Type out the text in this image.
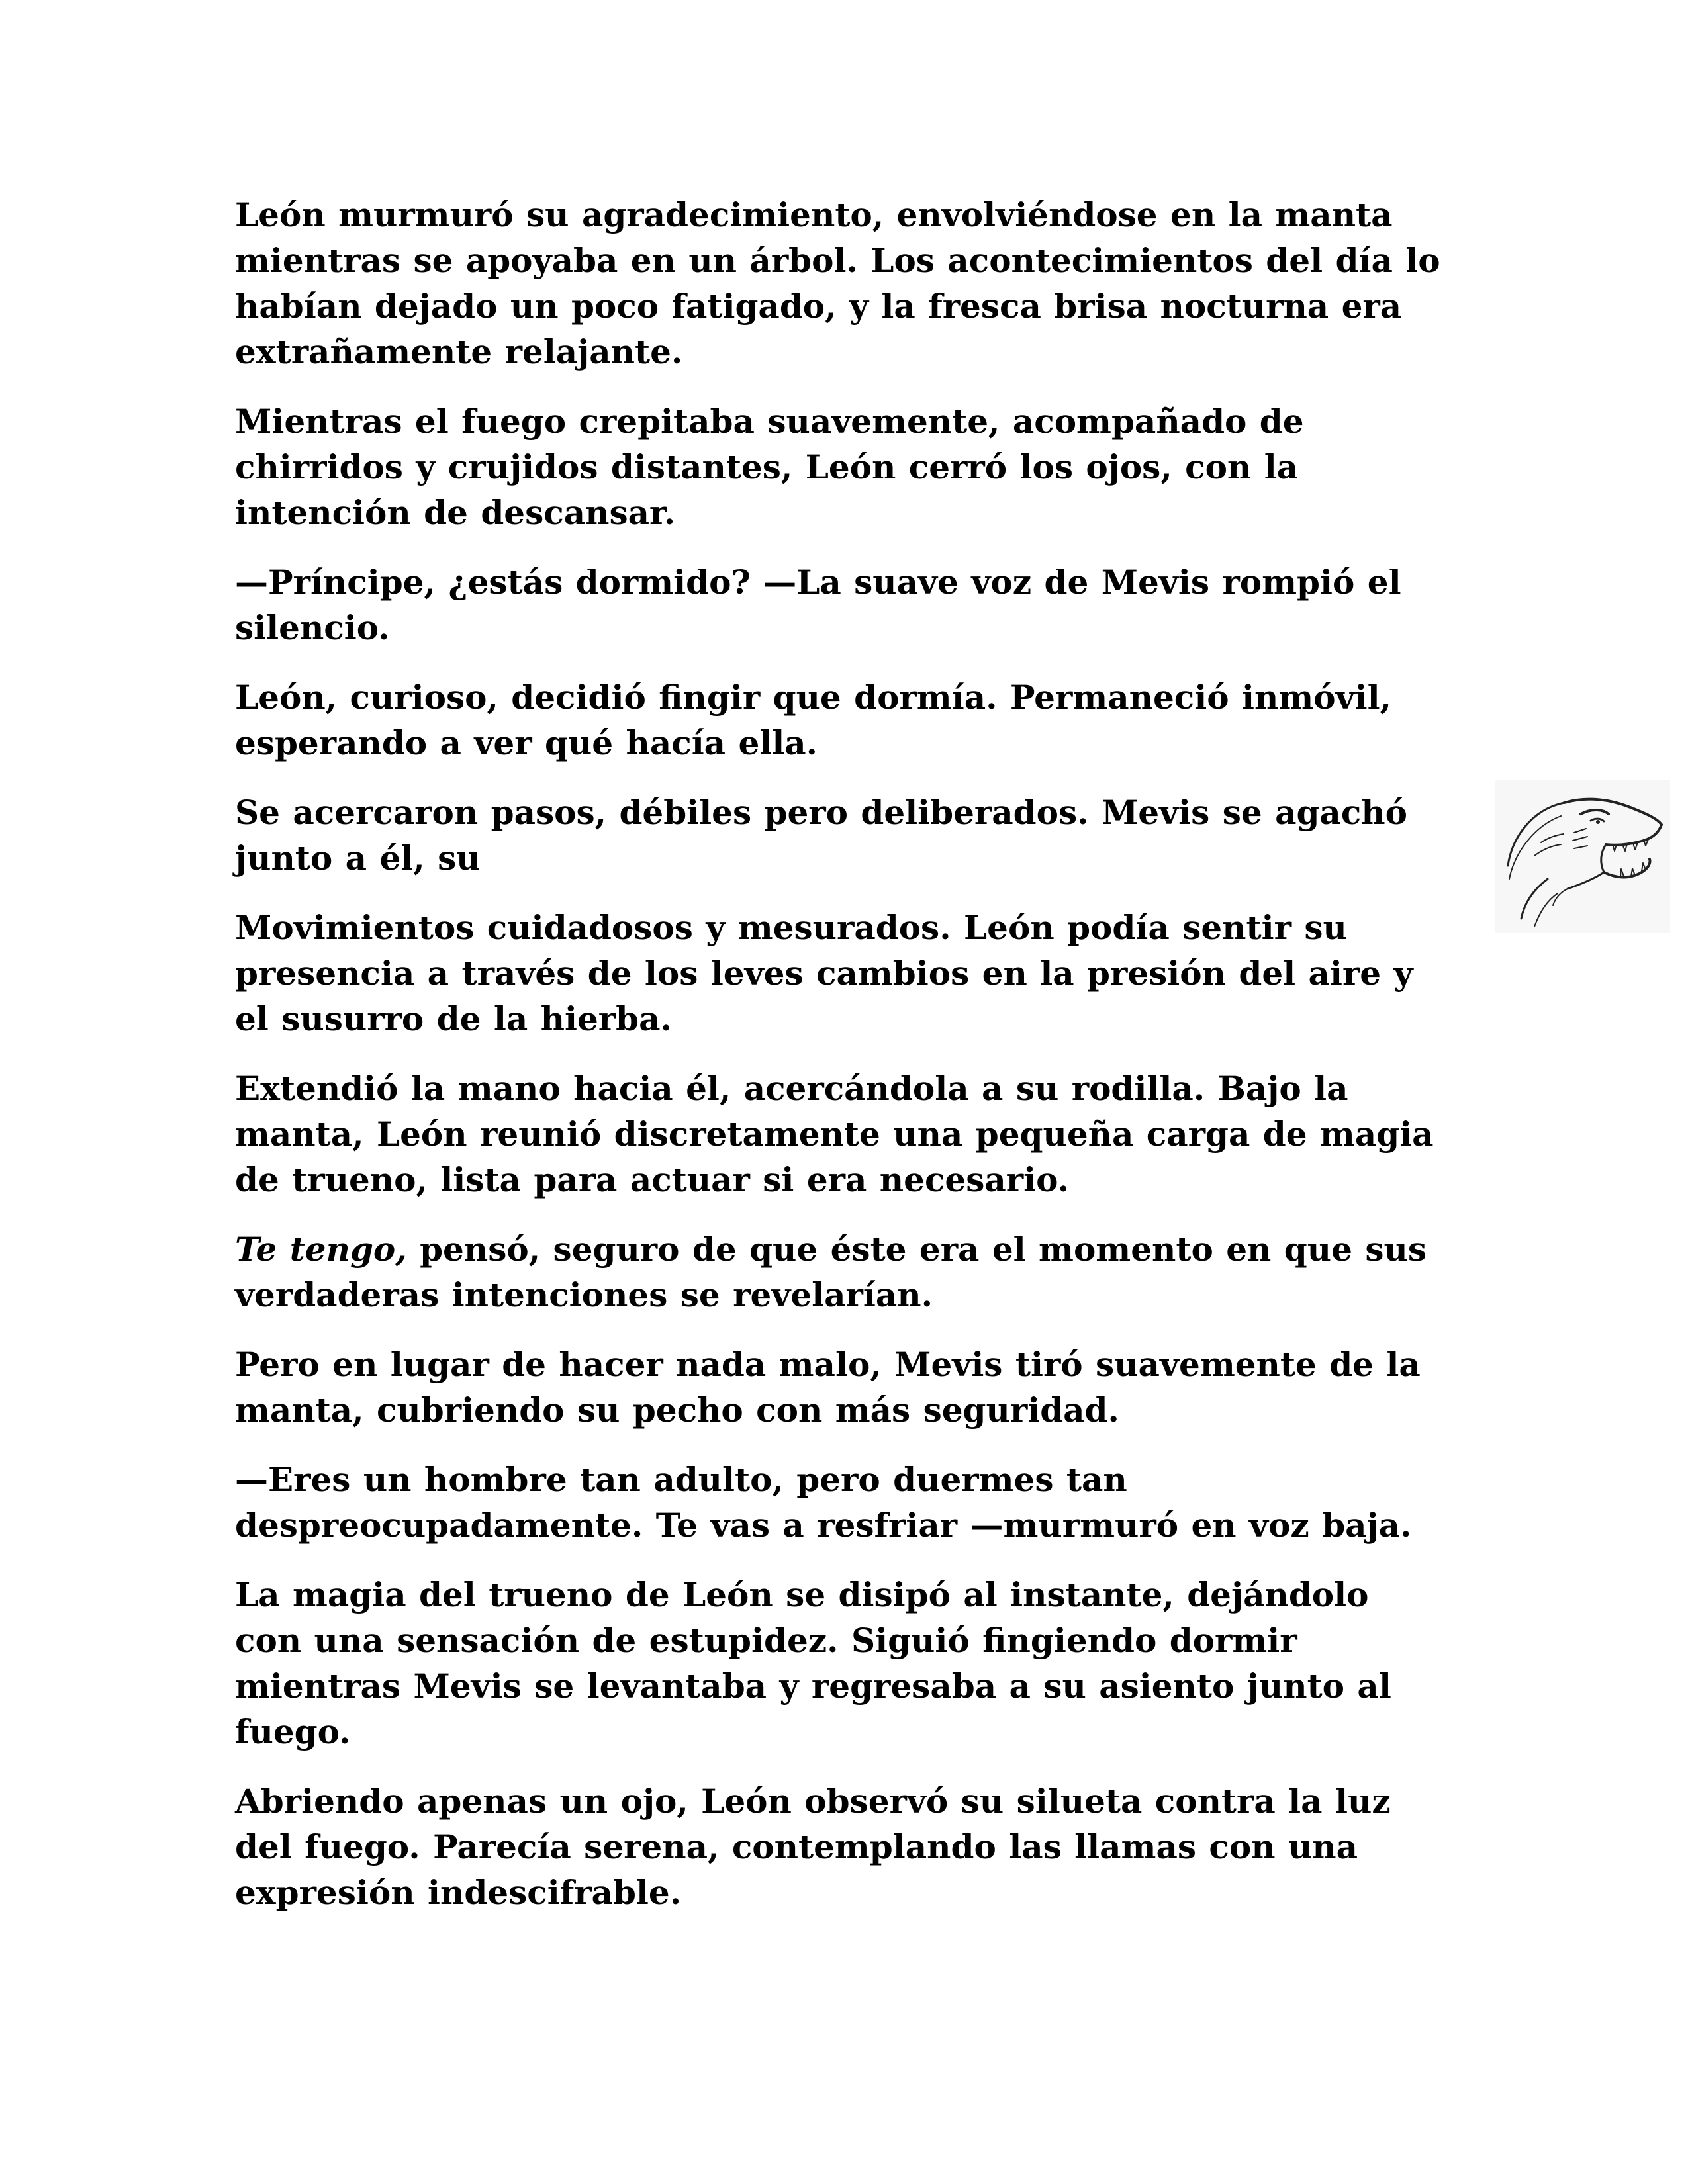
León murmuró su agradecimiento, envolviéndose en la manta mientras se apoyaba en un árbol. Los acontecimientos del día lo habían dejado un poco fatigado, y la fresca brisa nocturna era extrañamente relajante.

Mientras el fuego crepitaba suavemente, acompañado de chirridos y crujidos distantes, León cerró los ojos, con la intención de descansar.

—Príncipe, ¿estás dormido? —La suave voz de Mevis rompió el silencio.

León, curioso, decidió fingir que dormía. Permaneció inmóvil, esperando a ver qué hacía ella.

Se acercaron pasos, débiles pero deliberados. Mevis se agachó junto a él, su

Movimientos cuidadosos y mesurados. León podía sentir su presencia a través de los leves cambios en la presión del aire y el susurro de la hierba.

Extendió la mano hacia él, acercándola a su rodilla. Bajo la manta, León reunió discretamente una pequeña carga de magia de trueno, lista para actuar si era necesario.

Te tengo, pensó, seguro de que éste era el momento en que sus verdaderas intenciones se revelarían.

Pero en lugar de hacer nada malo, Mevis tiró suavemente de la manta, cubriendo su pecho con más seguridad.

—Eres un hombre tan adulto, pero duermes tan despreocupadamente. Te vas a resfriar —murmuró en voz baja.

La magia del trueno de León se disipó al instante, dejándolo con una sensación de estupidez. Siguió fingiendo dormir mientras Mevis se levantaba y regresaba a su asiento junto al fuego.

Abriendo apenas un ojo, León observó su silueta contra la luz del fuego. Parecía serena, contemplando las llamas con una expresión indescifrable.
